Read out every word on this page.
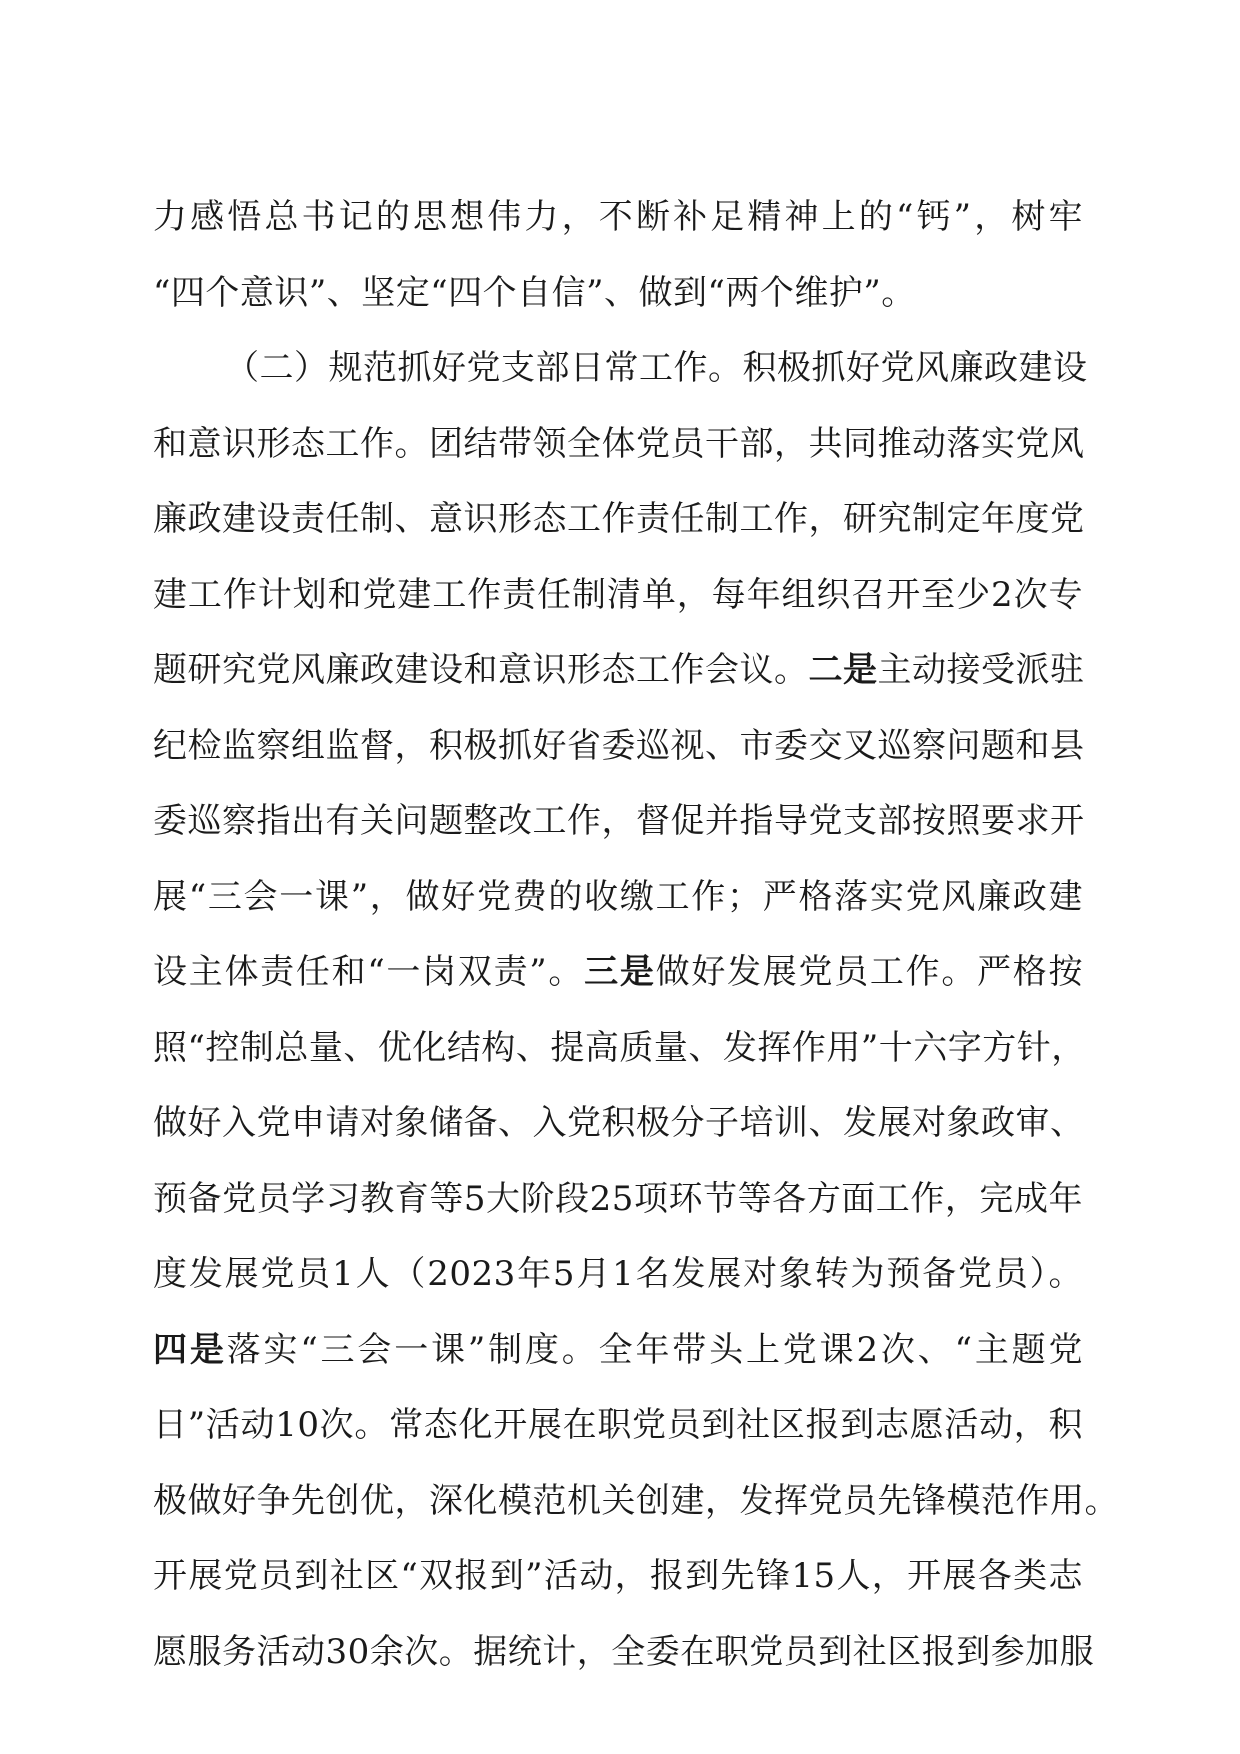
力感悟总书记的思想伟力，不断补足精神上的“钙”，树牢
“四个意识”、坚定“四个自信”、做到“两个维护”。
（二）规范抓好党支部日常工作。积极抓好党风廉政建设
和意识形态工作。团结带领全体党员干部，共同推动落实党风
廉政建设责任制、意识形态工作责任制工作，研究制定年度党
建工作计划和党建工作责任制清单，每年组织召开至少2次专
题研究党风廉政建设和意识形态工作会议。二是主动接受派驻
纪检监察组监督，积极抓好省委巡视、市委交叉巡察问题和县
委巡察指出有关问题整改工作，督促并指导党支部按照要求开
展“三会一课”，做好党费的收缴工作；严格落实党风廉政建
设主体责任和“一岗双责”。三是做好发展党员工作。严格按
照“控制总量、优化结构、提高质量、发挥作用”十六字方针，
做好入党申请对象储备、入党积极分子培训、发展对象政审、
预备党员学习教育等5大阶段25项环节等各方面工作，完成年
度发展党员1人（2023年5月1名发展对象转为预备党员）。
四是落实“三会一课”制度。全年带头上党课2次、“主题党
日”活动10次。常态化开展在职党员到社区报到志愿活动，积
极做好争先创优，深化模范机关创建，发挥党员先锋模范作用。
开展党员到社区“双报到”活动，报到先锋15人，开展各类志
愿服务活动30余次。据统计，全委在职党员到社区报到参加服
